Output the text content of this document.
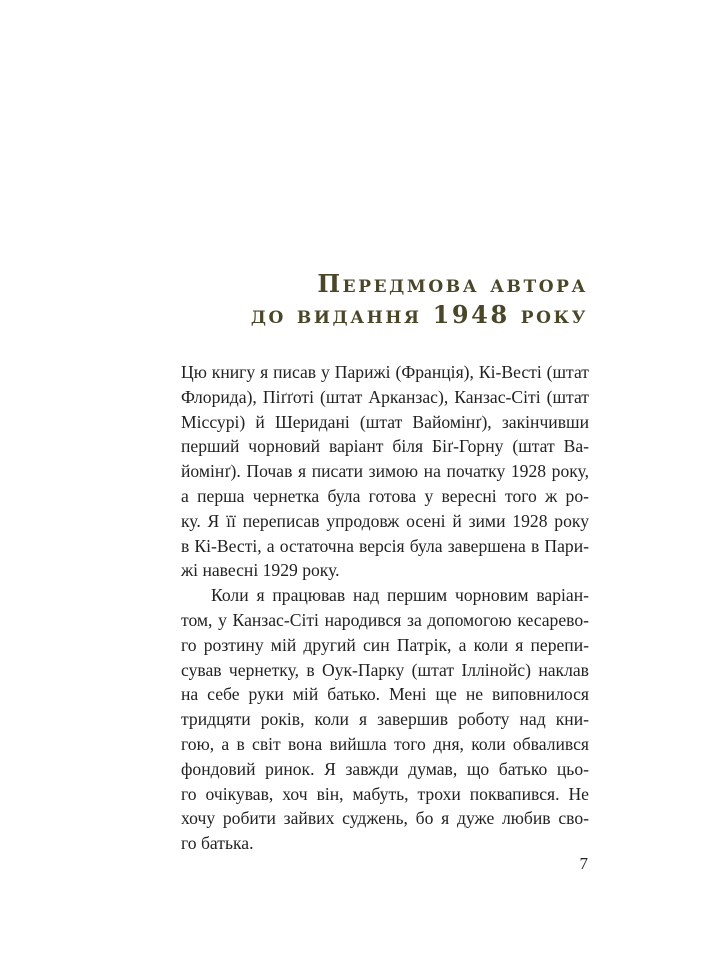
Передмова автора
до видання 1948 року
Цю книгу я писав у Парижі (Франція), Кі-Весті (штат
Флорида), Піґґоті (штат Арканзас), Канзас-Сіті (штат
Міссурі) й Шеридані (штат Вайомінґ), закінчивши
перший чорновий варіант біля Біґ-Горну (штат Ва-
йомінґ). Почав я писати зимою на початку 1928 року,
а перша чернетка була готова у вересні того ж ро-
ку. Я її переписав упродовж осені й зими 1928 року
в Кі-Весті, а остаточна версія була завершена в Пари-
жі навесні 1929 року.
Коли я працював над першим чорновим варіан-
том, у Канзас-Сіті народився за допомогою кесарево-
го розтину мій другий син Патрік, а коли я перепи-
сував чернетку, в Оук-Парку (штат Іллінойс) наклав
на себе руки мій батько. Мені ще не виповнилося
тридцяти років, коли я завершив роботу над кни-
гою, а в світ вона вийшла того дня, коли обвалився
фондовий ринок. Я завжди думав, що батько цьо-
го очікував, хоч він, мабуть, трохи поквапився. Не
хочу робити зайвих суджень, бо я дуже любив сво-
го батька.
7
